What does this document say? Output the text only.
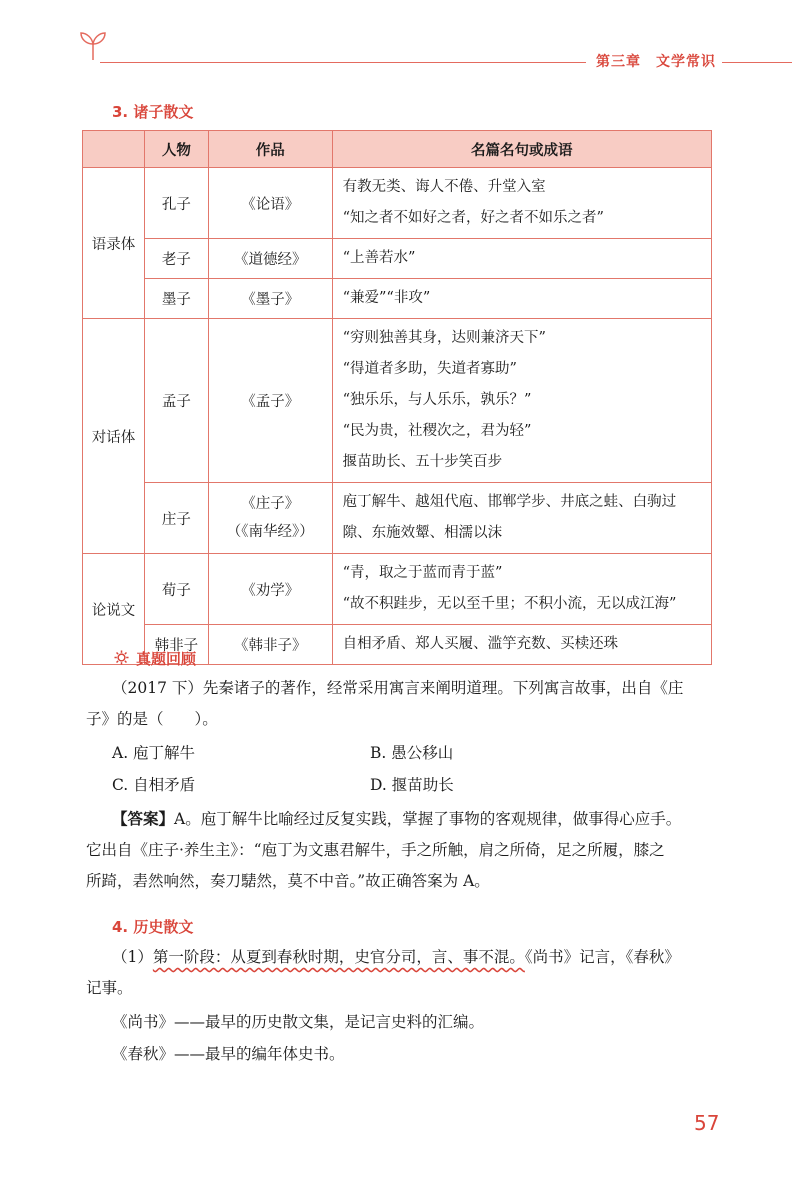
第三章　文学常识
3. 诸子散文
	人物	作品	名篇名句或成语
语录体	孔子	《论语》	有教无类、诲人不倦、升堂入室
“知之者不如好之者，好之者不如乐之者”

	老子	《道德经》	“上善若水”

	墨子	《墨子》	“兼爱”“非攻”

对话体	孟子	《孟子》	“穷则独善其身，达则兼济天下”
“得道者多助，失道者寡助”
“独乐乐，与人乐乐，孰乐？”
“民为贵，社稷次之，君为轻”
揠苗助长、五十步笑百步

	庄子	《庄子》
（《南华经》）	庖丁解牛、越俎代庖、邯郸学步、井底之蛙、白驹过隙、东施效颦、相濡以沫

论说文	荀子	《劝学》	“青，取之于蓝而青于蓝”
“故不积跬步，无以至千里；不积小流，无以成江海”

	韩非子	《韩非子》	自相矛盾、郑人买履、滥竽充数、买椟还珠
真题回顾
（2017 下）先秦诸子的著作，经常采用寓言来阐明道理。下列寓言故事，出自《庄
子》的是（　　）。
A. 庖丁解牛	B. 愚公移山
C. 自相矛盾	D. 揠苗助长
【答案】A。庖丁解牛比喻经过反复实践，掌握了事物的客观规律，做事得心应手。
它出自《庄子·养生主》：“庖丁为文惠君解牛，手之所触，肩之所倚，足之所履，膝之
所踦，砉然响然，奏刀騞然，莫不中音。”故正确答案为 A。
4. 历史散文
（1）第一阶段：从夏到春秋时期，史官分司，言、事不混。《尚书》记言，《春秋》
记事。
《尚书》——最早的历史散文集，是记言史料的汇编。
《春秋》——最早的编年体史书。
57
